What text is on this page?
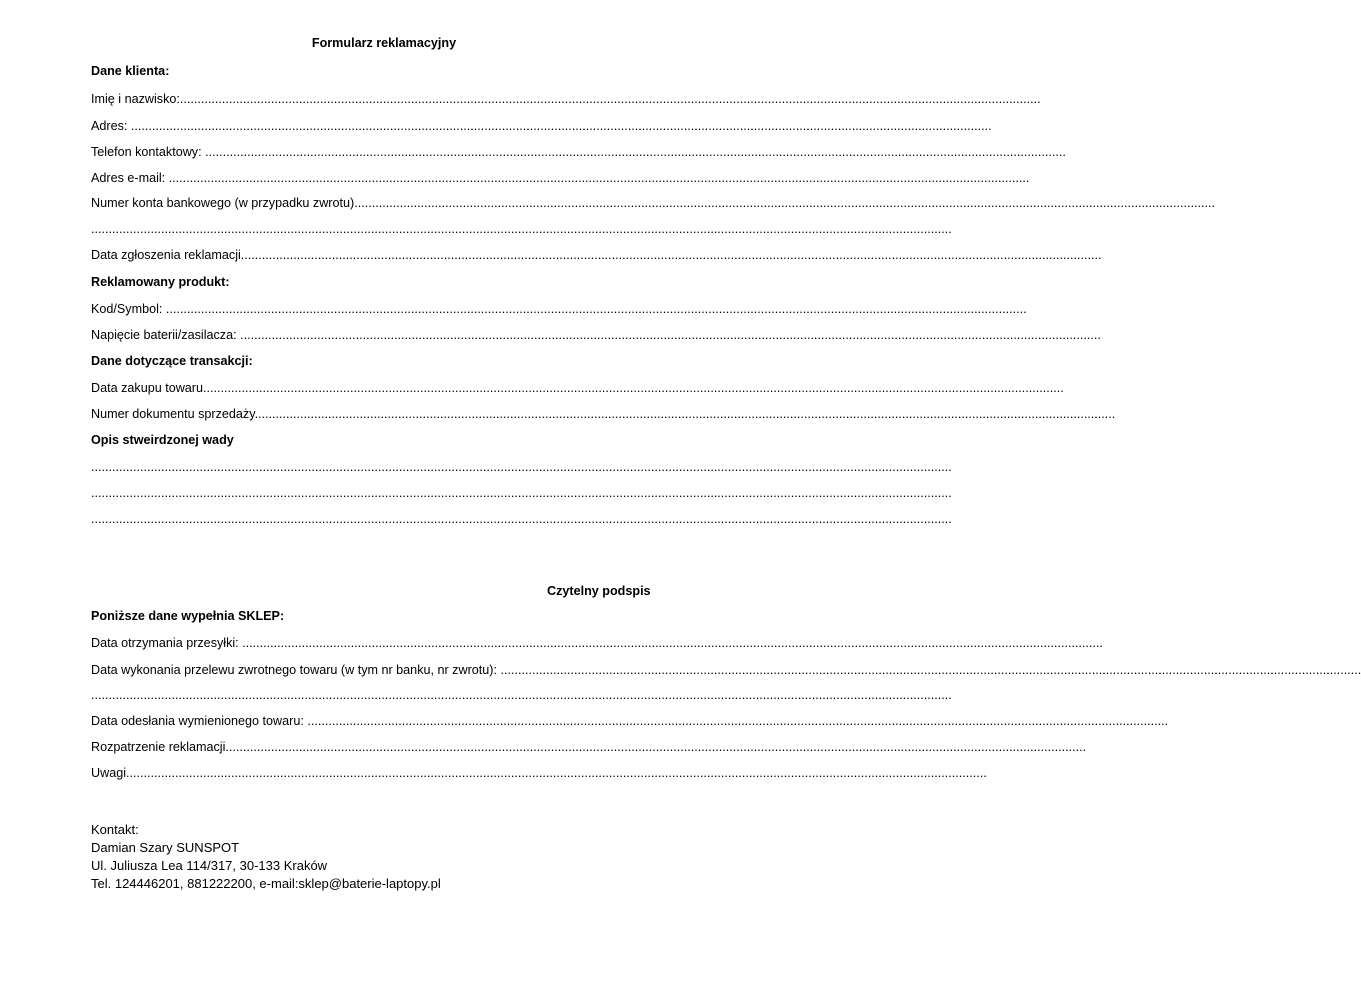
Formularz reklamacyjny
Dane klienta:
Imię i nazwisko:......................................................................................................................................................................................................................................................
Adres: ......................................................................................................................................................................................................................................................
Telefon kontaktowy: ......................................................................................................................................................................................................................................................
Adres e-mail: ......................................................................................................................................................................................................................................................
Numer konta bankowego (w przypadku zwrotu)......................................................................................................................................................................................................................................................
......................................................................................................................................................................................................................................................
Data zgłoszenia reklamacji......................................................................................................................................................................................................................................................
Reklamowany produkt:
Kod/Symbol: ......................................................................................................................................................................................................................................................
Napięcie baterii/zasilacza: ......................................................................................................................................................................................................................................................
Dane dotyczące transakcji:
Data zakupu towaru......................................................................................................................................................................................................................................................
Numer dokumentu sprzedaży......................................................................................................................................................................................................................................................
Opis stweirdzonej wady
......................................................................................................................................................................................................................................................
......................................................................................................................................................................................................................................................
......................................................................................................................................................................................................................................................
Czytelny podspis
Poniższe dane wypełnia SKLEP:
Data otrzymania przesyłki: ......................................................................................................................................................................................................................................................
Data wykonania przelewu zwrotnego towaru (w tym nr banku, nr zwrotu): ......................................................................................................................................................................................................................................................
......................................................................................................................................................................................................................................................
Data odesłania wymienionego towaru: ......................................................................................................................................................................................................................................................
Rozpatrzenie reklamacji......................................................................................................................................................................................................................................................
Uwagi......................................................................................................................................................................................................................................................
Kontakt:
Damian Szary SUNSPOT
Ul. Juliusza Lea 114/317, 30-133 Kraków
Tel. 124446201, 881222200, e-mail:sklep@baterie-laptopy.pl
